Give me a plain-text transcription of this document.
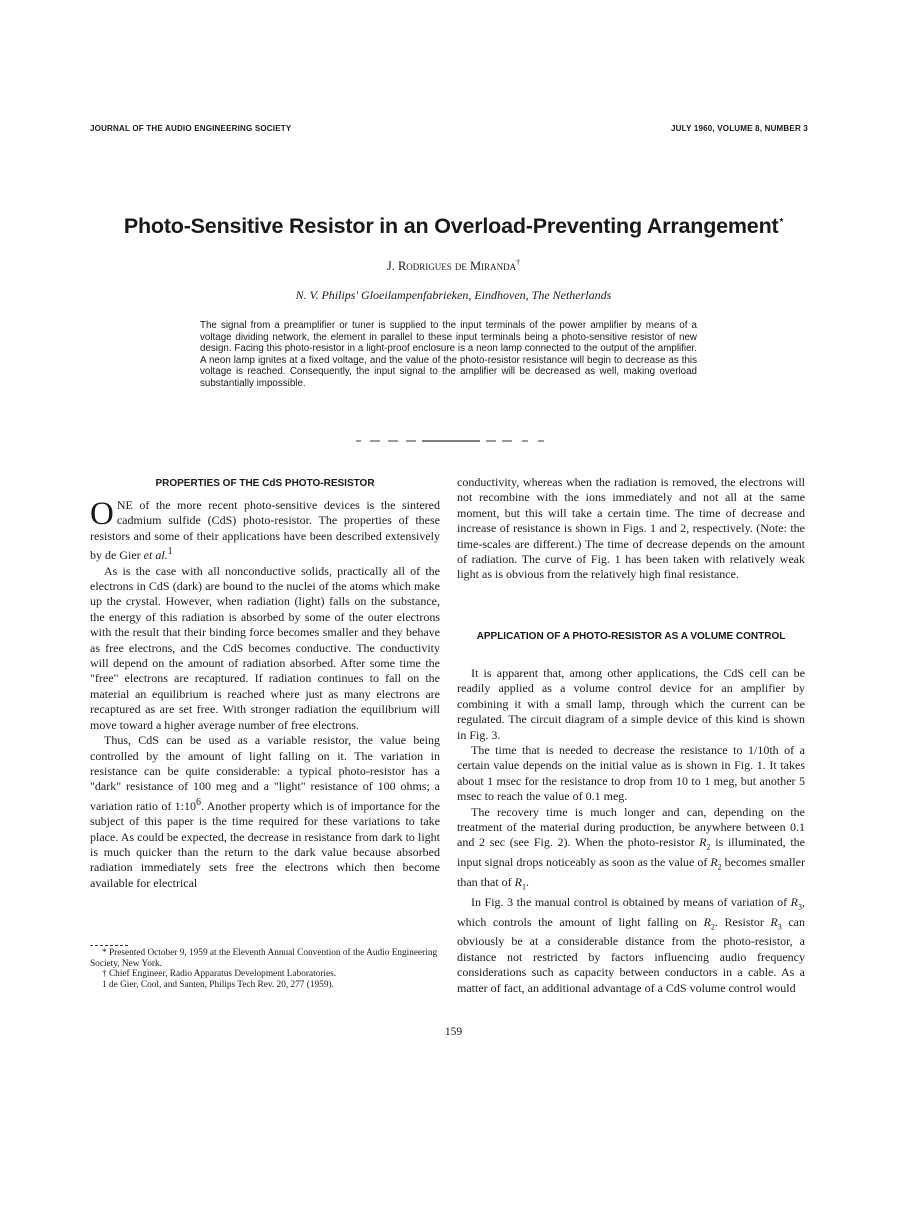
JOURNAL OF THE AUDIO ENGINEERING SOCIETY	JULY 1960, VOLUME 8, NUMBER 3
Photo-Sensitive Resistor in an Overload-Preventing Arrangement*
J. Rodrigues de Miranda†
N. V. Philips' Gloeilampenfabrieken, Eindhoven, The Netherlands
The signal from a preamplifier or tuner is supplied to the input terminals of the power amplifier by means of a voltage dividing network, the element in parallel to these input terminals being a photo-sensitive resistor of new design. Facing this photo-resistor in a light-proof enclosure is a neon lamp connected to the output of the amplifier. A neon lamp ignites at a fixed voltage, and the value of the photo-resistor resistance will begin to decrease as this voltage is reached. Consequently, the input signal to the amplifier will be decreased as well, making overload substantially impossible.
PROPERTIES OF THE CdS PHOTO-RESISTOR

ONE of the more recent photo-sensitive devices is the sintered cadmium sulfide (CdS) photo-resistor. The properties of these resistors and some of their applications have been described extensively by de Gier et al.$^1$

As is the case with all nonconductive solids, practically all of the electrons in CdS (dark) are bound to the nuclei of the atoms which make up the crystal. However, when radiation (light) falls on the substance, the energy of this radiation is absorbed by some of the outer electrons with the result that their binding force becomes smaller and they behave as free electrons, and the CdS becomes conductive. The conductivity will depend on the amount of radiation absorbed. After some time the "free" electrons are recaptured. If radiation continues to fall on the material an equilibrium is reached where just as many electrons are recaptured as are set free. With stronger radiation the equilibrium will move toward a higher average number of free electrons.

Thus, CdS can be used as a variable resistor, the value being controlled by the amount of light falling on it. The variation in resistance can be quite considerable: a typical photo-resistor has a "dark" resistance of 100 meg and a "light" resistance of 100 ohms; a variation ratio of $1:10^6$. Another property which is of importance for the subject of this paper is the time required for these variations to take place. As could be expected, the decrease in resistance from dark to light is much quicker than the return to the dark value because absorbed radiation immediately sets free the electrons which then become available for electrical

* Presented October 9, 1959 at the Eleventh Annual Convention of the Audio Engineering Society, New York.

† Chief Engineer, Radio Apparatus Development Laboratories.

1 de Gier, Cool, and Santen, Philips Tech Rev. 20, 277 (1959).

conductivity, whereas when the radiation is removed, the electrons will not recombine with the ions immediately and not all at the same moment, but this will take a certain time. The time of decrease and increase of resistance is shown in Figs. 1 and 2, respectively. (Note: the time-scales are different.) The time of decrease depends on the amount of radiation. The curve of Fig. 1 has been taken with relatively weak light as is obvious from the relatively high final resistance.

APPLICATION OF A PHOTO-RESISTOR AS A VOLUME CONTROL

It is apparent that, among other applications, the CdS cell can be readily applied as a volume control device for an amplifier by combining it with a small lamp, through which the current can be regulated. The circuit diagram of a simple device of this kind is shown in Fig. 3.

The time that is needed to decrease the resistance to 1/10th of a certain value depends on the initial value as is shown in Fig. 1. It takes about 1 msec for the resistance to drop from 10 to 1 meg, but another 5 msec to reach the value of 0.1 meg.

The recovery time is much longer and can, depending on the treatment of the material during production, be anywhere between 0.1 and 2 sec (see Fig. 2). When the photo-resistor $R_2$ is illuminated, the input signal drops noticeably as soon as the value of $R_2$ becomes smaller than that of $R_1$.

In Fig. 3 the manual control is obtained by means of variation of $R_3$, which controls the amount of light falling on $R_2$. Resistor $R_3$ can obviously be at a considerable distance from the photo-resistor, a distance not restricted by factors influencing audio frequency considerations such as capacity between conductors in a cable. As a matter of fact, an additional advantage of a CdS volume control would

159
